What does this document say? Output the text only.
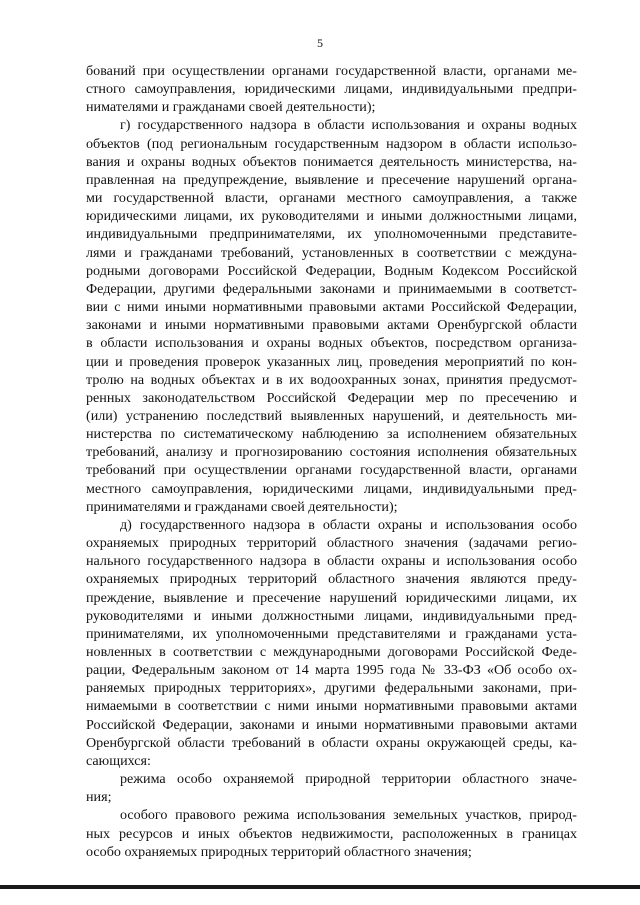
5
бований при осуществлении органами государственной власти, органами ме-
стного самоуправления, юридическими лицами, индивидуальными предпри-
нимателями и гражданами своей деятельности);
г) государственного надзора в области использования и охраны водных
объектов (под региональным государственным надзором в области использо-
вания и охраны водных объектов понимается деятельность министерства, на-
правленная на предупреждение, выявление и пресечение нарушений органа-
ми государственной власти, органами местного самоуправления, а также
юридическими лицами, их руководителями и иными должностными лицами,
индивидуальными предпринимателями, их уполномоченными представите-
лями и гражданами требований, установленных в соответствии с междуна-
родными договорами Российской Федерации, Водным Кодексом Российской
Федерации, другими федеральными законами и принимаемыми в соответст-
вии с ними иными нормативными правовыми актами Российской Федерации,
законами и иными нормативными правовыми актами Оренбургской области
в области использования и охраны водных объектов, посредством организа-
ции и проведения проверок указанных лиц, проведения мероприятий по кон-
тролю на водных объектах и в их водоохранных зонах, принятия предусмот-
ренных законодательством Российской Федерации мер по пресечению и
(или) устранению последствий выявленных нарушений, и деятельность ми-
нистерства по систематическому наблюдению за исполнением обязательных
требований, анализу и прогнозированию состояния исполнения обязательных
требований при осуществлении органами государственной власти, органами
местного самоуправления, юридическими лицами, индивидуальными пред-
принимателями и гражданами своей деятельности);
д) государственного надзора в области охраны и использования особо
охраняемых природных территорий областного значения (задачами регио-
нального государственного надзора в области охраны и использования особо
охраняемых природных территорий областного значения являются преду-
преждение, выявление и пресечение нарушений юридическими лицами, их
руководителями и иными должностными лицами, индивидуальными пред-
принимателями, их уполномоченными представителями и гражданами уста-
новленных в соответствии с международными договорами Российской Феде-
рации, Федеральным законом от 14 марта 1995 года № 33-ФЗ «Об особо ох-
раняемых природных территориях», другими федеральными законами, при-
нимаемыми в соответствии с ними иными нормативными правовыми актами
Российской Федерации, законами и иными нормативными правовыми актами
Оренбургской области требований в области охраны окружающей среды, ка-
сающихся:
режима особо охраняемой природной территории областного значе-
ния;
особого правового режима использования земельных участков, природ-
ных ресурсов и иных объектов недвижимости, расположенных в границах
особо охраняемых природных территорий областного значения;
